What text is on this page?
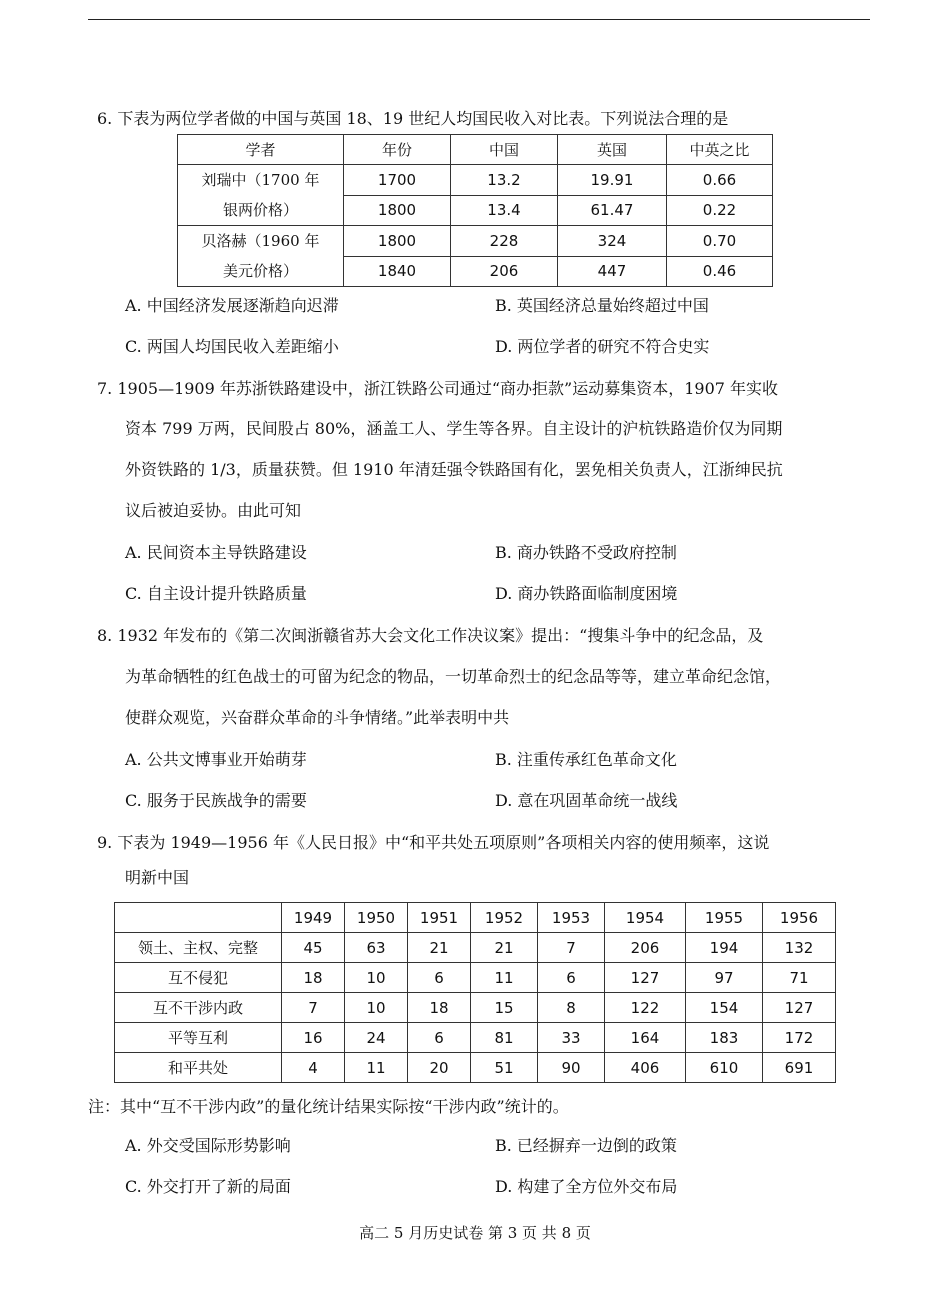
6. 下表为两位学者做的中国与英国 18、19 世纪人均国民收入对比表。下列说法合理的是
学者	年份	中国	英国	中英之比

刘瑞中（1700 年
银两价格）	1700	13.2	19.91	0.66
	1800	13.4	61.47	0.22

贝洛赫（1960 年
美元价格）	1800	228	324	0.70
	1840	206	447	0.46
A. 中国经济发展逐渐趋向迟滞	B. 英国经济总量始终超过中国
C. 两国人均国民收入差距缩小	D. 两位学者的研究不符合史实
7. 1905—1909 年苏浙铁路建设中，浙江铁路公司通过“商办拒款”运动募集资本，1907 年实收
资本 799 万两，民间股占 80%，涵盖工人、学生等各界。自主设计的沪杭铁路造价仅为同期
外资铁路的 1/3，质量获赞。但 1910 年清廷强令铁路国有化，罢免相关负责人，江浙绅民抗
议后被迫妥协。由此可知
A. 民间资本主导铁路建设	B. 商办铁路不受政府控制
C. 自主设计提升铁路质量	D. 商办铁路面临制度困境
8. 1932 年发布的《第二次闽浙赣省苏大会文化工作决议案》提出：“搜集斗争中的纪念品，及
为革命牺牲的红色战士的可留为纪念的物品，一切革命烈士的纪念品等等，建立革命纪念馆，
使群众观览，兴奋群众革命的斗争情绪。”此举表明中共
A. 公共文博事业开始萌芽	B. 注重传承红色革命文化
C. 服务于民族战争的需要	D. 意在巩固革命统一战线
9. 下表为 1949—1956 年《人民日报》中“和平共处五项原则”各项相关内容的使用频率，这说
明新中国
	1949	1950	1951	1952	1953	1954	1955	1956
领土、主权、完整	45	63	21	21	7	206	194	132
互不侵犯	18	10	6	11	6	127	97	71
互不干涉内政	7	10	18	15	8	122	154	127
平等互利	16	24	6	81	33	164	183	172
和平共处	4	11	20	51	90	406	610	691
注：其中“互不干涉内政”的量化统计结果实际按“干涉内政”统计的。
A. 外交受国际形势影响	B. 已经摒弃一边倒的政策
C. 外交打开了新的局面	D. 构建了全方位外交布局
高二 5 月历史试卷 第 3 页 共 8 页
